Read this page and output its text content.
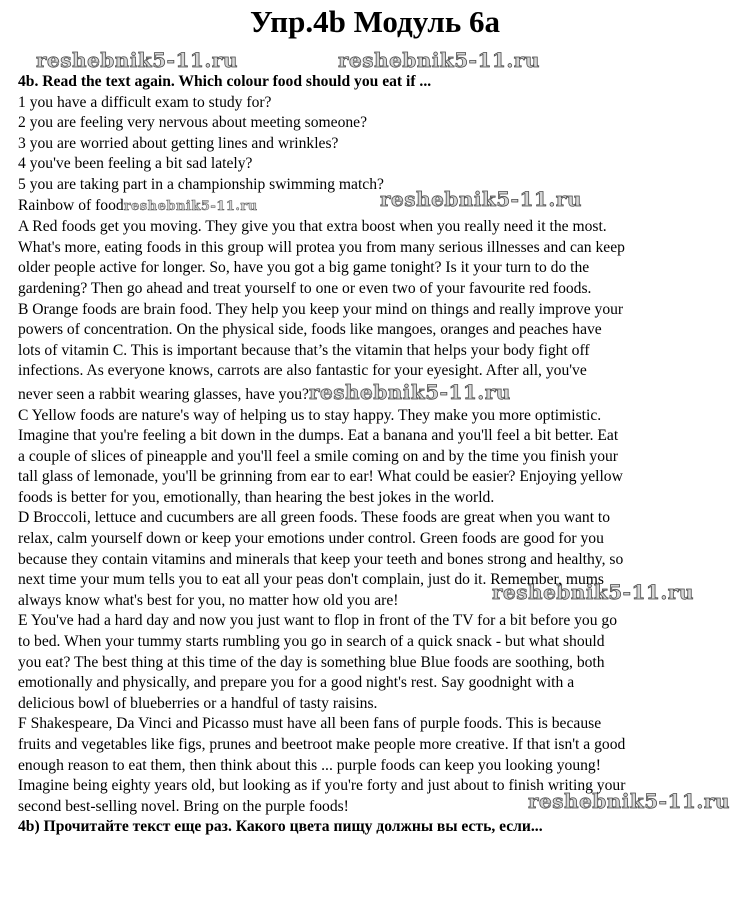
Упр.4b Модуль 6а
reshebnik5-11.ru	reshebnik5-11.ru
reshebnik5-11.ru
reshebnik5-11.ru
reshebnik5-11.ru
4b. Read the text again. Which colour food should you eat if ...
1 you have a difficult exam to study for?
2 you are feeling very nervous about meeting someone?
3 you are worried about getting lines and wrinkles?
4 you've been feeling a bit sad lately?
5 you are taking part in a championship swimming match?
Rainbow of foodreshebnik5-11.ru
A Red foods get you moving. They give you that extra boost when you really need it the most.
What's more, eating foods in this group will protea you from many serious illnesses and can keep
older people active for longer. So, have you got a big game tonight? Is it your turn to do the
gardening? Then go ahead and treat yourself to one or even two of your favourite red foods.
B Orange foods are brain food. They help you keep your mind on things and really improve your
powers of concentration. On the physical side, foods like mangoes, oranges and peaches have
lots of vitamin C. This is important because that’s the vitamin that helps your body fight off
infections. As everyone knows, carrots are also fantastic for your eyesight. After all, you've
never seen a rabbit wearing glasses, have you?reshebnik5-11.ru
C Yellow foods are nature's way of helping us to stay happy. They make you more optimistic.
Imagine that you're feeling a bit down in the dumps. Eat a banana and you'll feel a bit better. Eat
a couple of slices of pineapple and you'll feel a smile coming on and by the time you finish your
tall glass of lemonade, you'll be grinning from ear to ear! What could be easier? Enjoying yellow
foods is better for you, emotionally, than hearing the best jokes in the world.
D Broccoli, lettuce and cucumbers are all green foods. These foods are great when you want to
relax, calm yourself down or keep your emotions under control. Green foods are good for you
because they contain vitamins and minerals that keep your teeth and bones strong and healthy, so
next time your mum tells you to eat all your peas don't complain, just do it. Remember, mums
always know what's best for you, no matter how old you are!
E You've had a hard day and now you just want to flop in front of the TV for a bit before you go
to bed. When your tummy starts rumbling you go in search of a quick snack - but what should
you eat? The best thing at this time of the day is something blue Blue foods are soothing, both
emotionally and physically, and prepare you for a good night's rest. Say goodnight with a
delicious bowl of blueberries or a handful of tasty raisins.
F Shakespeare, Da Vinci and Picasso must have all been fans of purple foods. This is because
fruits and vegetables like figs, prunes and beetroot make people more creative. If that isn't a good
enough reason to eat them, then think about this ... purple foods can keep you looking young!
Imagine being eighty years old, but looking as if you're forty and just about to finish writing your
second best-selling novel. Bring on the purple foods!
4b) Прочитайте текст еще раз. Какого цвета пищу должны вы есть, если...
